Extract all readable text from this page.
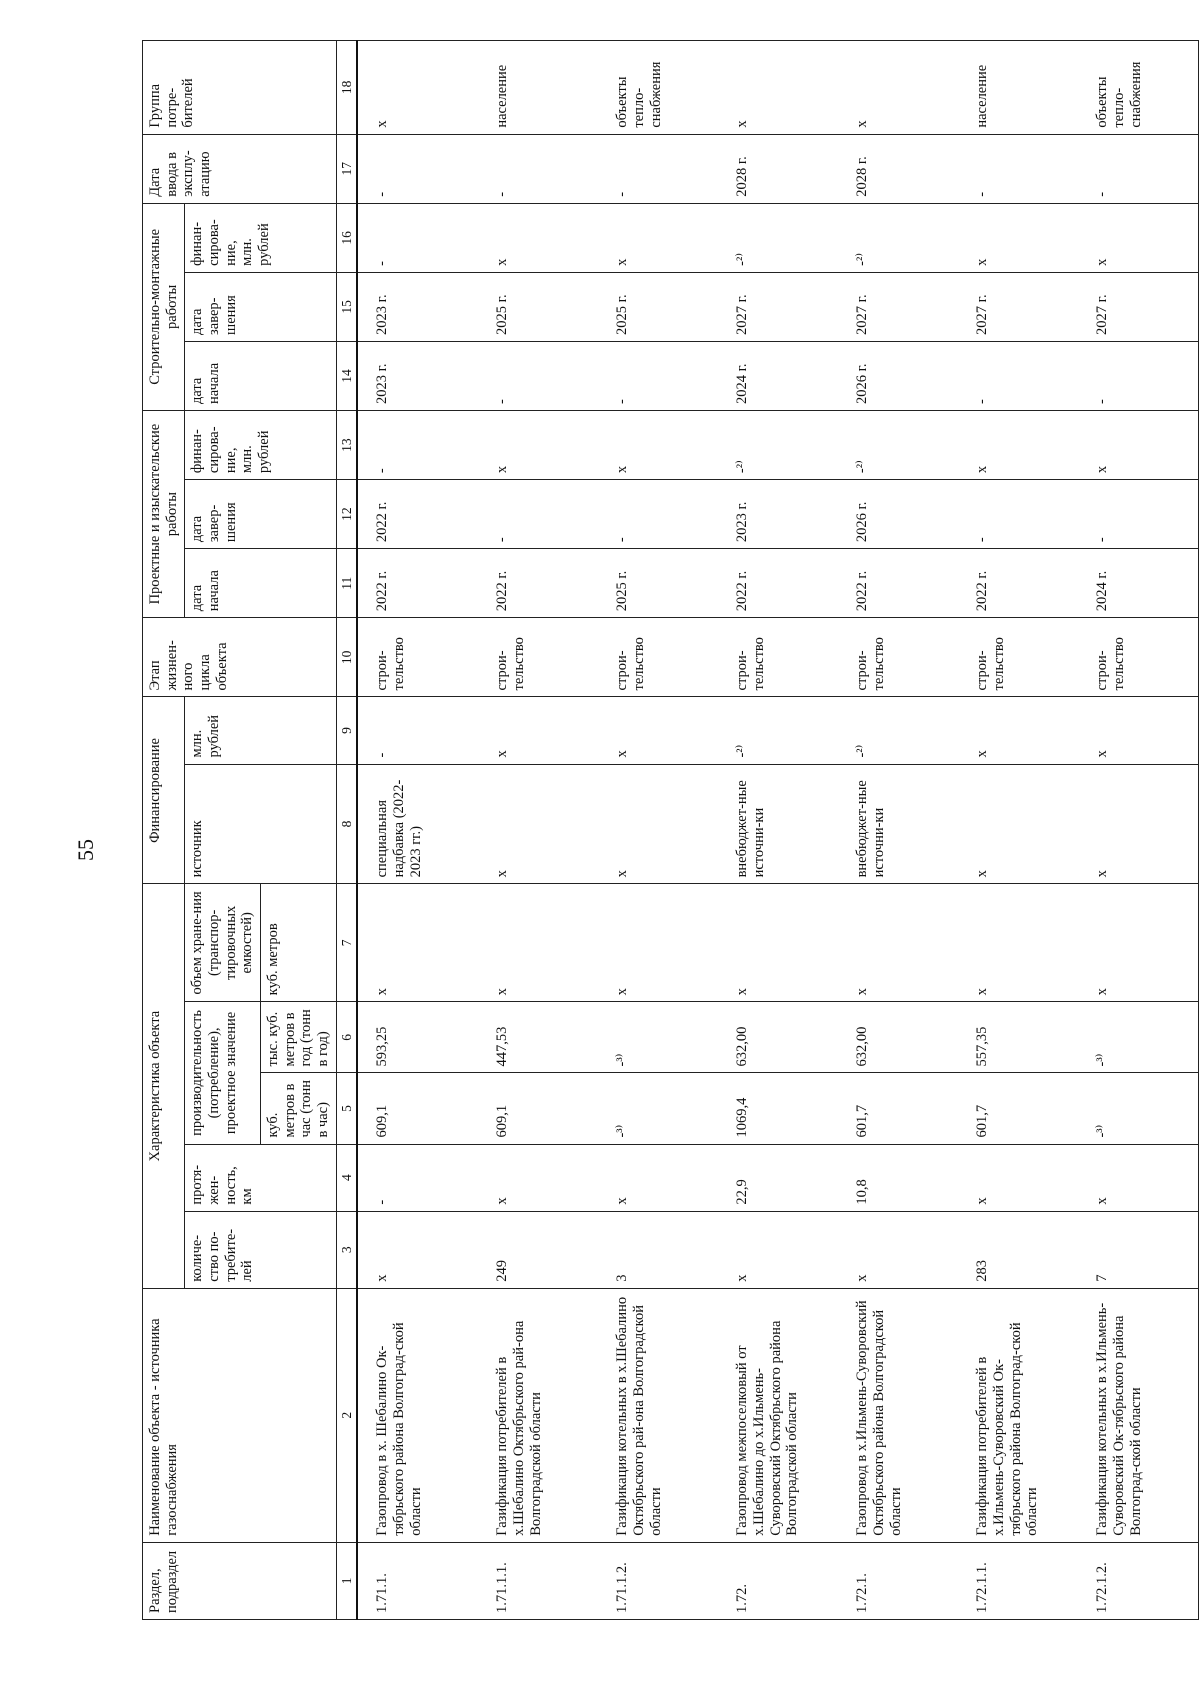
55
Раздел, подраздел	Наименование объекта - источника газоснабжения	Характеристика объекта					Финансирование		Этап жизнен-ного цикла объекта	Проектные и изыскательские работы			Строительно-монтажные работы			Дата ввода в эксплу-атацию	Группа потре-бителей
		количе-ство по-требите-лей	протя-жен-ность, км	производительность (потребление), проектное значение		объем хране-ния (транспор-тировочных емкостей)	источник	млн. рублей		дата начала	дата завер-шения	финан-сирова-ние, млн. рублей	дата начала	дата завер-шения	финан-сирова-ние, млн. рублей		
				куб. метров в час (тонн в час)	тыс. куб. метров в год (тонн в год)	куб. метров											
1	2	3	4	5	6	7	8	9	10	11	12	13	14	15	16	17	18
1.71.1.	Газопровод в х. Шебалино Ок-тябрьского района Волгоград-ской области	х	-	609,1	593,25	х	специальная надбавка (2022-2023 гг.)	-	строи-тельство	2022 г.	2022 г.	-	2023 г.	2023 г.	-	-	х
1.71.1.1.	Газификация потребителей в х.Шебалино Октябрьского рай-она Волгоградской области	249	х	609,1	447,53	х	х	х	строи-тельство	2022 г.	-	х	-	2025 г.	х	-	население
1.71.1.2.	Газификация котельных в х.Шебалино Октябрьского рай-она Волгоградской области	3	х	-³⁾	-³⁾	х	х	х	строи-тельство	2025 г.	-	х	-	2025 г.	х	-	объекты тепло-снабжения
1.72.	Газопровод межпоселковый от х.Шебалино до х.Ильмень-Суворовский Октябрьского района Волгоградской области	х	22,9	1069,4	632,00	х	внебюджет-ные источни-ки	-²⁾	строи-тельство	2022 г.	2023 г.	-²⁾	2024 г.	2027 г.	-²⁾	2028 г.	х
1.72.1.	Газопровод в х.Ильмень-Суворовский Октябрьского района Волгоградской области	х	10,8	601,7	632,00	х	внебюджет-ные источни-ки	-²⁾	строи-тельство	2022 г.	2026 г.	-²⁾	2026 г.	2027 г.	-²⁾	2028 г.	х
1.72.1.1.	Газификация потребителей в х.Ильмень-Суворовский Ок-тябрьского района Волгоград-ской области	283	х	601,7	557,35	х	х	х	строи-тельство	2022 г.	-	х	-	2027 г.	х	-	население
1.72.1.2.	Газификация котельных в х.Ильмень-Суворовский Ок-тябрьского района Волгоград-ской области	7	х	-³⁾	-³⁾	х	х	х	строи-тельство	2024 г.	-	х	-	2027 г.	х	-	объекты тепло-снабжения
